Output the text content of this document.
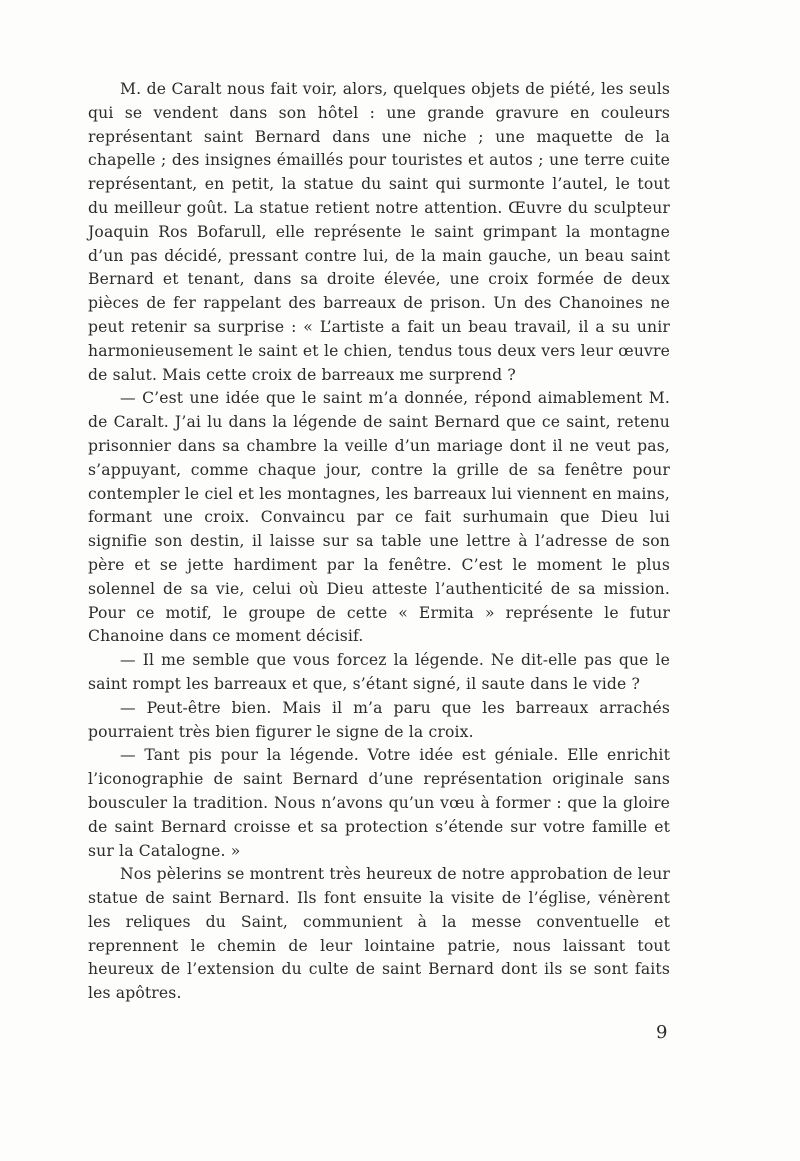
M. de Caralt nous fait voir, alors, quelques objets de piété, les seuls qui se vendent dans son hôtel : une grande gravure en couleurs représentant saint Bernard dans une niche ; une maquette de la chapelle ; des insignes émaillés pour touristes et autos ; une terre cuite représentant, en petit, la statue du saint qui surmonte l’autel, le tout du meilleur goût. La statue retient notre attention. Œuvre du sculpteur Joaquin Ros Bofarull, elle représente le saint grimpant la montagne d’un pas décidé, pressant contre lui, de la main gauche, un beau saint Bernard et tenant, dans sa droite élevée, une croix formée de deux pièces de fer rappelant des barreaux de prison. Un des Chanoines ne peut retenir sa surprise : « L’artiste a fait un beau travail, il a su unir harmonieusement le saint et le chien, tendus tous deux vers leur œuvre de salut. Mais cette croix de barreaux me surprend ?

— C’est une idée que le saint m’a donnée, répond aimablement M. de Caralt. J’ai lu dans la légende de saint Bernard que ce saint, retenu prisonnier dans sa chambre la veille d’un mariage dont il ne veut pas, s’appuyant, comme chaque jour, contre la grille de sa fenêtre pour contempler le ciel et les montagnes, les barreaux lui viennent en mains, formant une croix. Convaincu par ce fait surhumain que Dieu lui signifie son destin, il laisse sur sa table une lettre à l’adresse de son père et se jette hardiment par la fenêtre. C’est le moment le plus solennel de sa vie, celui où Dieu atteste l’authenticité de sa mission. Pour ce motif, le groupe de cette « Ermita » représente le futur Chanoine dans ce moment décisif.

— Il me semble que vous forcez la légende. Ne dit-elle pas que le saint rompt les barreaux et que, s’étant signé, il saute dans le vide ?

— Peut-être bien. Mais il m’a paru que les barreaux arrachés pourraient très bien figurer le signe de la croix.

— Tant pis pour la légende. Votre idée est géniale. Elle enrichit l’iconographie de saint Bernard d’une représentation originale sans bousculer la tradition. Nous n’avons qu’un vœu à former : que la gloire de saint Bernard croisse et sa protection s’étende sur votre famille et sur la Catalogne. »

Nos pèlerins se montrent très heureux de notre approbation de leur statue de saint Bernard. Ils font ensuite la visite de l’église, vénèrent les reliques du Saint, communient à la messe conventuelle et reprennent le chemin de leur lointaine patrie, nous laissant tout heureux de l’extension du culte de saint Bernard dont ils se sont faits les apôtres.

9
